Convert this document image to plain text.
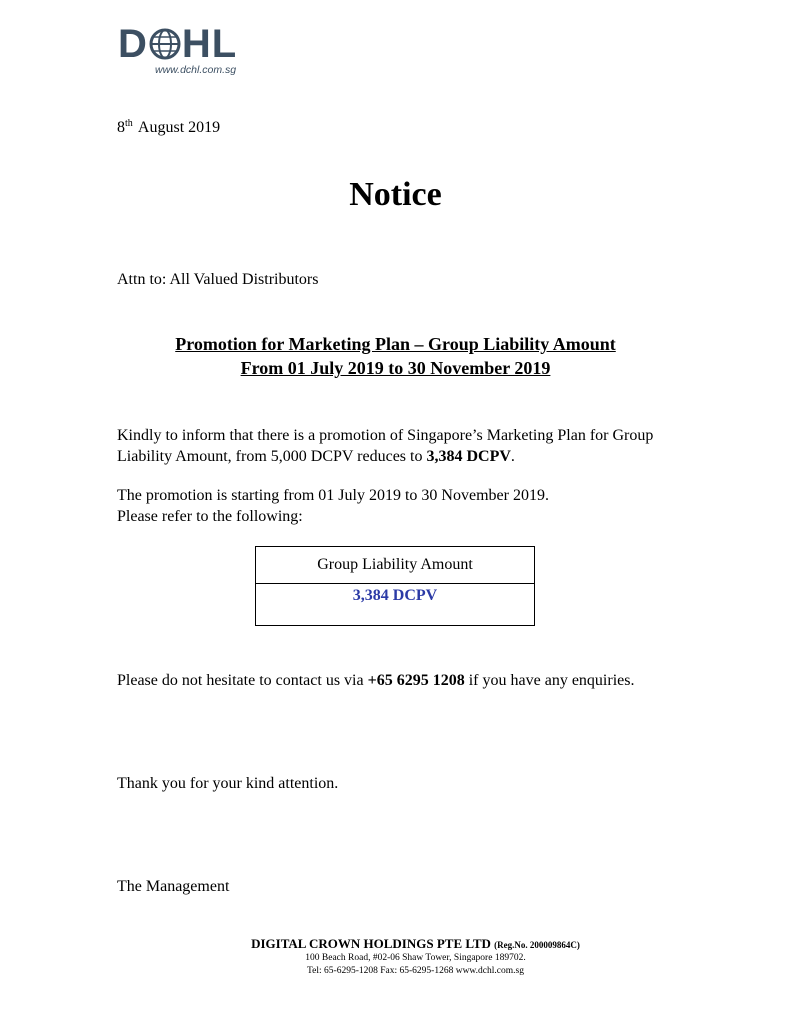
D HL
www.dchl.com.sg
8th August 2019
Notice
Attn to: All Valued Distributors
Promotion for Marketing Plan – Group Liability Amount
From 01 July 2019 to 30 November 2019
Kindly to inform that there is a promotion of Singapore’s Marketing Plan for Group Liability Amount, from 5,000 DCPV reduces to 3,384 DCPV.
The promotion is starting from 01 July 2019 to 30 November 2019.
Please refer to the following:
Group Liability Amount
3,384 DCPV
Please do not hesitate to contact us via +65 6295 1208 if you have any enquiries.
Thank you for your kind attention.
The Management
DIGITAL CROWN HOLDINGS PTE LTD (Reg.No. 200009864C)
100 Beach Road, #02-06 Shaw Tower, Singapore 189702.
Tel: 65-6295-1208 Fax: 65-6295-1268 www.dchl.com.sg
